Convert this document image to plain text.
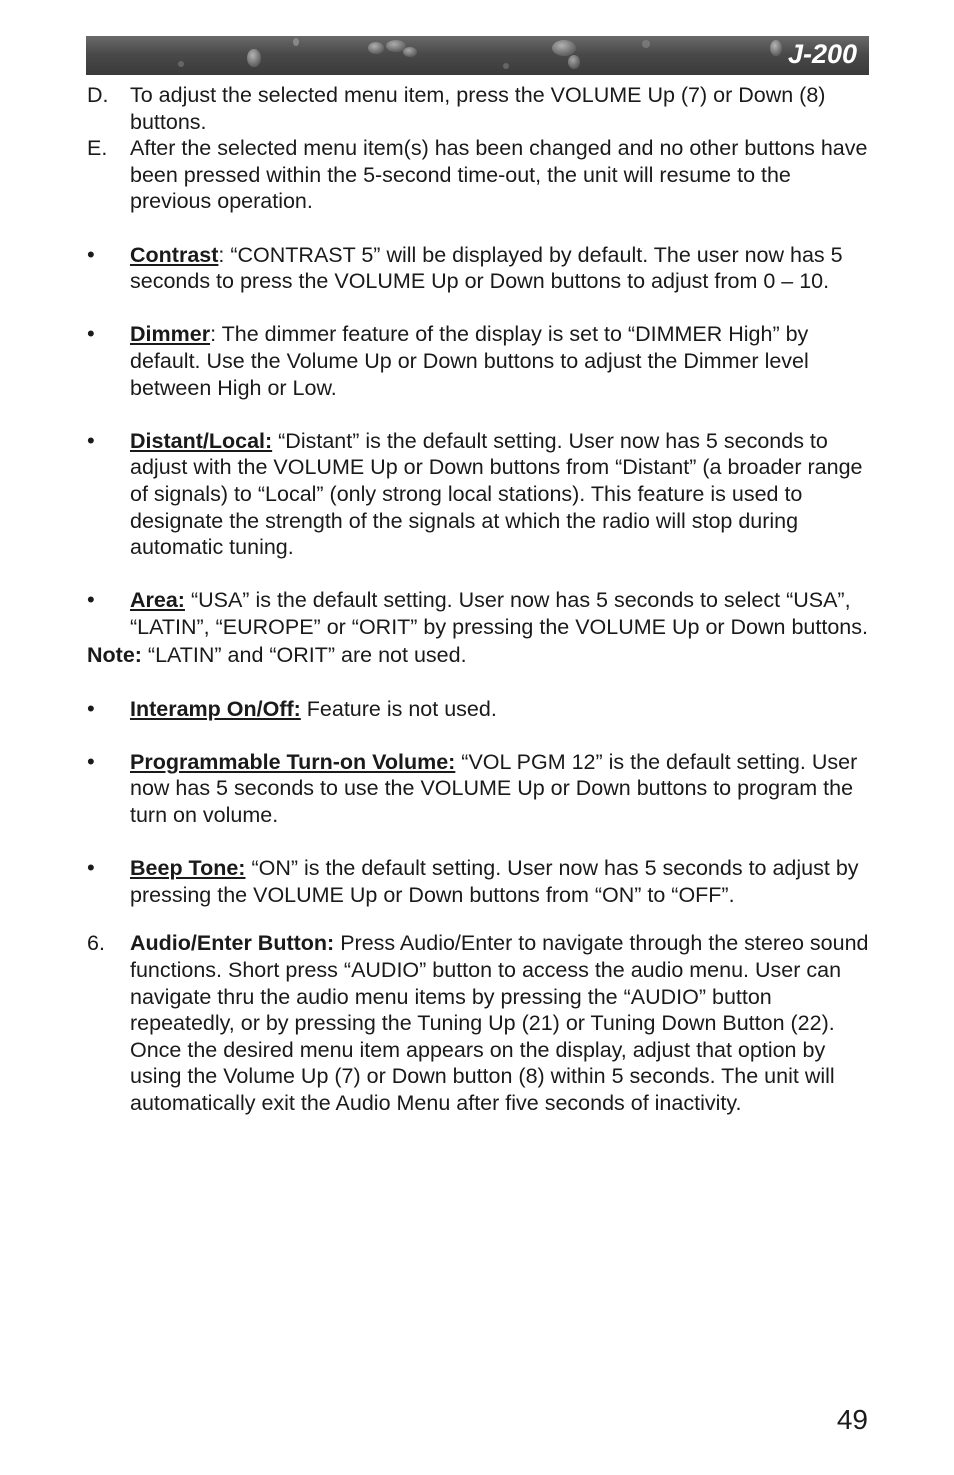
J-200
D.	To adjust the selected menu item, press the VOLUME Up (7) or Down (8) buttons.
E.	After the selected menu item(s) has been changed and no other buttons have been pressed within the 5-second time-out, the unit will resume to the previous operation.
•	Contrast: “CONTRAST 5” will be displayed by default. The user now has 5 seconds to press the VOLUME Up or Down buttons to adjust from 0 – 10.
•	Dimmer: The dimmer feature of the display is set to “DIMMER High” by default. Use the Volume Up or Down buttons to adjust the Dimmer level between High or Low.
•	Distant/Local: “Distant” is the default setting. User now has 5 seconds to adjust with the VOLUME Up or Down buttons from “Distant” (a broader range of signals) to “Local” (only strong local stations). This feature is used to designate the strength of the signals at which the radio will stop during automatic tuning.
•	Area: “USA” is the default setting. User now has 5 seconds to select “USA”, “LATIN”, “EUROPE” or “ORIT” by pressing the VOLUME Up or Down buttons.
Note: “LATIN” and “ORIT” are not used.
•	Interamp On/Off: Feature is not used.
•	Programmable Turn-on Volume: “VOL PGM 12” is the default setting. User now has 5 seconds to use the VOLUME Up or Down buttons to program the turn on volume.
•	Beep Tone: “ON” is the default setting. User now has 5 seconds to adjust by pressing the VOLUME Up or Down buttons from “ON” to “OFF”.
6.	Audio/Enter Button: Press Audio/Enter to navigate through the stereo sound functions. Short press “AUDIO” button to access the audio menu. User can navigate thru the audio menu items by pressing the “AUDIO” button repeatedly, or by pressing the Tuning Up (21) or Tuning Down Button (22). Once the desired menu item appears on the display, adjust that option by using the Volume Up (7) or Down button (8) within 5 seconds. The unit will automatically exit the Audio Menu after five seconds of inactivity.
49
